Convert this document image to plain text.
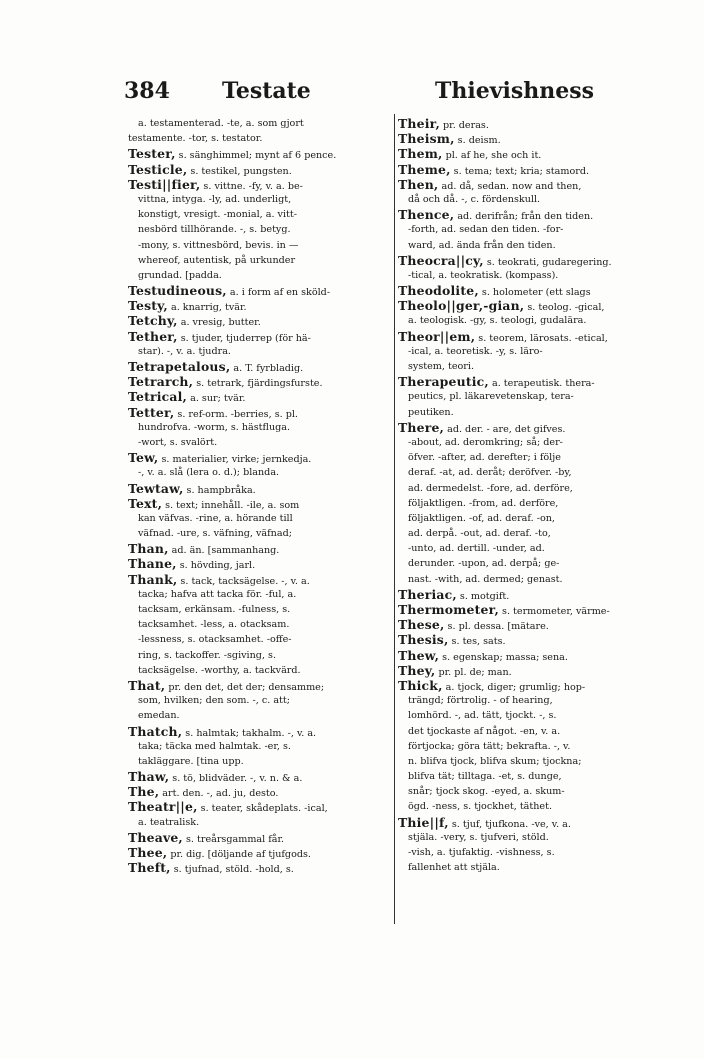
384 Testate	Thievishness
a. testamenterad. -te, a. som gjort
testamente. -tor, s. testator.
Tester, s. sänghimmel; mynt af 6 pence.
Testicle, s. testikel, pungsten.
Testi||fier, s. vittne. -fy, v. a. be-
vittna, intyga. -ly, ad. underligt,
konstigt, vresigt. -monial, a. vitt-
nesbörd tillhörande. -, s. betyg.
-mony, s. vittnesbörd, bevis. in —
whereof, autentisk, på urkunder
grundad. [padda.
Testudineous, a. i form af en sköld-
Testy, a. knarrig, tvär.
Tetchy, a. vresig, butter.
Tether, s. tjuder, tjuderrep (för hä-
star). -, v. a. tjudra.
Tetrapetalous, a. T. fyrbladig.
Tetrarch, s. tetrark, fjärdingsfurste.
Tetrical, a. sur; tvär.
Tetter, s. ref-orm. -berries, s. pl.
hundrofva. -worm, s. hästfluga.
-wort, s. svalört.
Tew, s. materialier, virke; jernkedja.
-, v. a. slå (lera o. d.); blanda.
Tewtaw, s. hampbråka.
Text, s. text; innehåll. -ile, a. som
kan väfvas. -rine, a. hörande till
väfnad. -ure, s. väfning, väfnad;
Than, ad. än. [sammanhang.
Thane, s. hövding, jarl.
Thank, s. tack, tacksägelse. -, v. a.
tacka; hafva att tacka för. -ful, a.
tacksam, erkänsam. -fulness, s.
tacksamhet. -less, a. otacksam.
-lessness, s. otacksamhet. -offe-
ring, s. tackoffer. -sgiving, s.
tacksägelse. -worthy, a. tackvärd.
That, pr. den det, det der; densamme;
som, hvilken; den som. -, c. att;
emedan.
Thatch, s. halmtak; takhalm. -, v. a.
taka; täcka med halmtak. -er, s.
takläggare. [tina upp.
Thaw, s. tö, blidväder. -, v. n. & a.
The, art. den. -, ad. ju, desto.
Theatr||e, s. teater, skådeplats. -ical,
a. teatralisk.
Theave, s. treårsgammal får.
Thee, pr. dig. [döljande af tjufgods.
Theft, s. tjufnad, stöld. -hold, s.
Their, pr. deras.
Theism, s. deism.
Them, pl. af he, she och it.
Theme, s. tema; text; kria; stamord.
Then, ad. då, sedan. now and then,
då och då. -, c. fördenskull.
Thence, ad. derifrån; från den tiden.
-forth, ad. sedan den tiden. -for-
ward, ad. ända från den tiden.
Theocra||cy, s. teokrati, gudaregering.
-tical, a. teokratisk. (kompass).
Theodolite, s. holometer (ett slags
Theolo||ger,-gian, s. teolog. -gical,
a. teologisk. -gy, s. teologi, gudalära.
Theor||em, s. teorem, lärosats. -etical,
-ical, a. teoretisk. -y, s. läro-
system, teori.
Therapeutic, a. terapeutisk. thera-
peutics, pl. läkarevetenskap, tera-
peutiken.
There, ad. der. - are, det gifves.
-about, ad. deromkring; så; der-
öfver. -after, ad. derefter; i följe
deraf. -at, ad. deråt; deröfver. -by,
ad. dermedelst. -fore, ad. derföre,
följaktligen. -from, ad. derföre,
följaktligen. -of, ad. deraf. -on,
ad. derpå. -out, ad. deraf. -to,
-unto, ad. dertill. -under, ad.
derunder. -upon, ad. derpå; ge-
nast. -with, ad. dermed; genast.
Theriac, s. motgift.
Thermometer, s. termometer, värme-
These, s. pl. dessa. [mätare.
Thesis, s. tes, sats.
Thew, s. egenskap; massa; sena.
They, pr. pl. de; man.
Thick, a. tjock, diger; grumlig; hop-
trängd; förtrolig. - of hearing,
lomhörd. -, ad. tätt, tjockt. -, s.
det tjockaste af något. -en, v. a.
förtjocka; göra tätt; bekrafta. -, v.
n. blifva tjock, blifva skum; tjockna;
blifva tät; tilltaga. -et, s. dunge,
snår; tjock skog. -eyed, a. skum-
ögd. -ness, s. tjockhet, täthet.
Thie||f, s. tjuf, tjufkona. -ve, v. a.
stjäla. -very, s. tjufveri, stöld.
-vish, a. tjufaktig. -vishness, s.
fallenhet att stjäla.
